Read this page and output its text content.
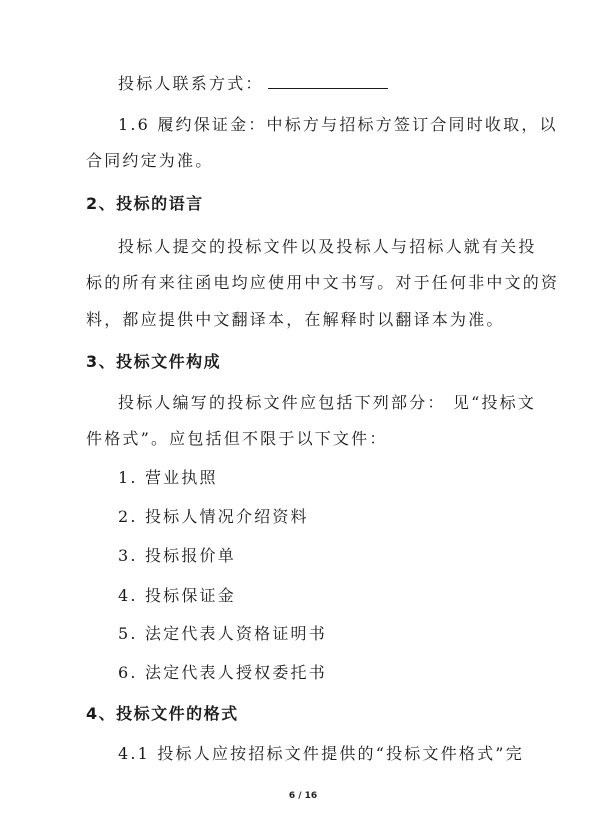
投标人联系方式：
1.6 履约保证金：中标方与招标方签订合同时收取，以
合同约定为准。
2、投标的语言
投标人提交的投标文件以及投标人与招标人就有关投
标的所有来往函电均应使用中文书写。对于任何非中文的资
料，都应提供中文翻译本，在解释时以翻译本为准。
3、投标文件构成
投标人编写的投标文件应包括下列部分： 见“投标文
件格式”。应包括但不限于以下文件：
1. 营业执照
2. 投标人情况介绍资料
3. 投标报价单
4. 投标保证金
5. 法定代表人资格证明书
6. 法定代表人授权委托书
4、投标文件的格式
4.1 投标人应按招标文件提供的“投标文件格式”完
6 / 16
